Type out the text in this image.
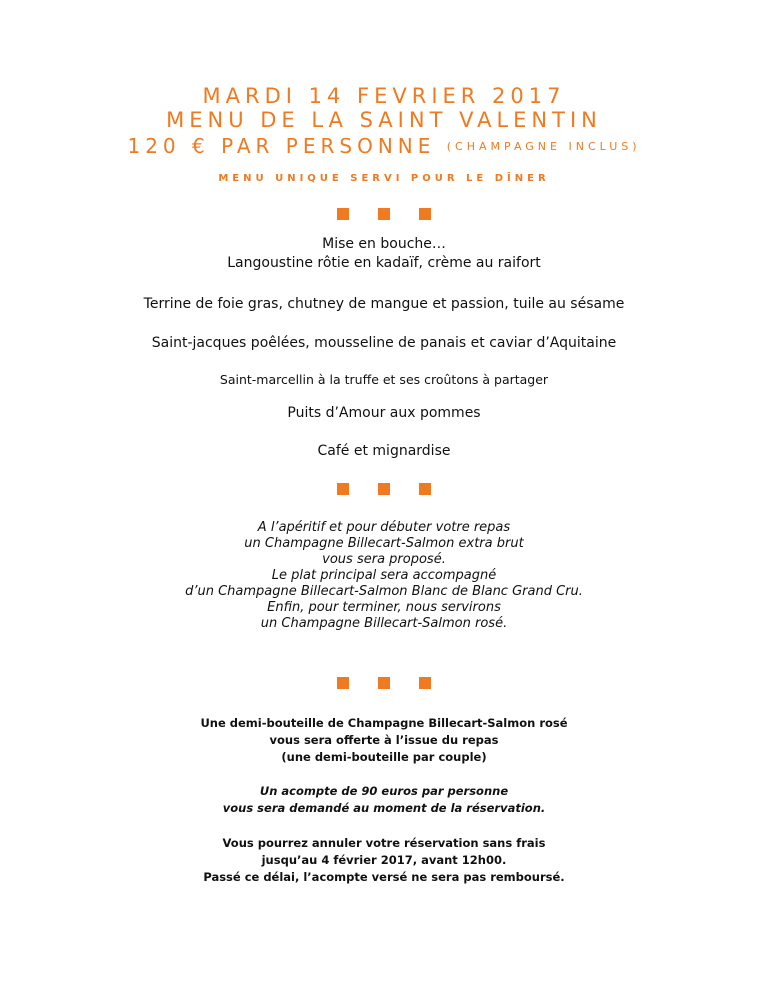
MARDI 14 FEVRIER 2017
MENU DE LA SAINT VALENTIN
120 € PAR PERSONNE (CHAMPAGNE INCLUS)
MENU UNIQUE SERVI POUR LE DÎNER
Mise en bouche…
Langoustine rôtie en kadaïf, crème au raifort
Terrine de foie gras, chutney de mangue et passion, tuile au sésame
Saint-jacques poêlées, mousseline de panais et caviar d’Aquitaine
Saint-marcellin à la truffe et ses croûtons à partager
Puits d’Amour aux pommes
Café et mignardise
A l’apéritif et pour débuter votre repas
un Champagne Billecart-Salmon extra brut
vous sera proposé.
Le plat principal sera accompagné
d’un Champagne Billecart-Salmon Blanc de Blanc Grand Cru.
Enfin, pour terminer, nous servirons
un Champagne Billecart-Salmon rosé.
Une demi-bouteille de Champagne Billecart-Salmon rosé
vous sera offerte à l’issue du repas
(une demi-bouteille par couple)
Un acompte de 90 euros par personne
vous sera demandé au moment de la réservation.
Vous pourrez annuler votre réservation sans frais
jusqu’au 4 février 2017, avant 12h00.
Passé ce délai, l’acompte versé ne sera pas remboursé.
